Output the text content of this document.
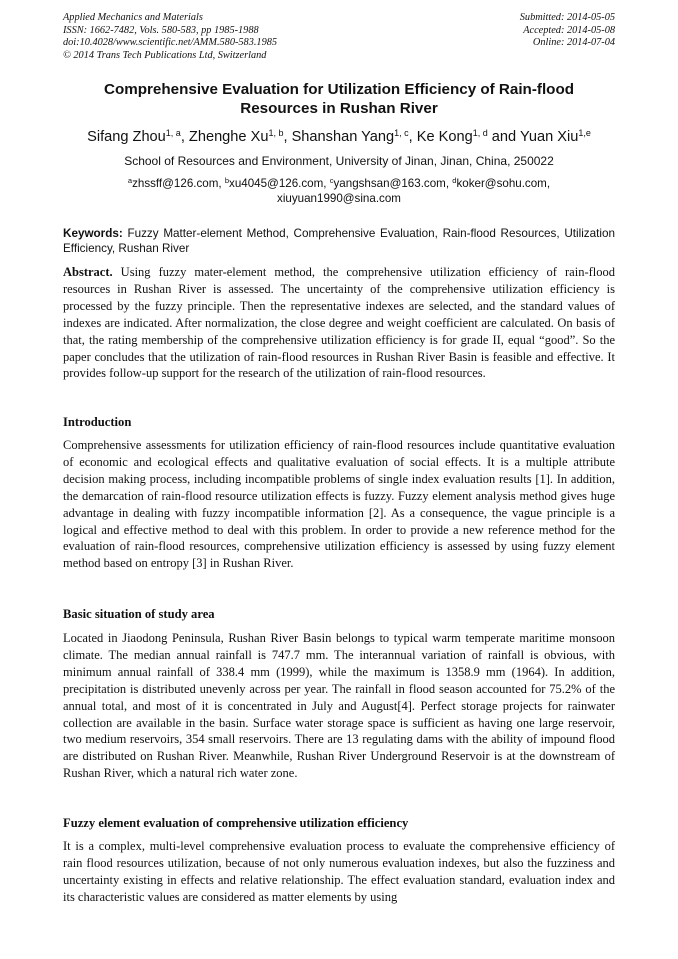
Applied Mechanics and Materials
ISSN: 1662-7482, Vols. 580-583, pp 1985-1988
doi:10.4028/www.scientific.net/AMM.580-583.1985
© 2014 Trans Tech Publications Ltd, Switzerland
Submitted: 2014-05-05
Accepted: 2014-05-08
Online: 2014-07-04
Comprehensive Evaluation for Utilization Efficiency of Rain-flood
Resources in Rushan River
Sifang Zhou$^{1, a}$, Zhenghe Xu$^{1, b}$, Shanshan Yang$^{1, c}$, Ke Kong$^{1, d}$ and Yuan Xiu$^{1,e}$
School of Resources and Environment, University of Jinan, Jinan, China, 250022
$^a$zhssff@126.com, $^b$xu4045@126.com, $^c$yangshsan@163.com, $^d$koker@sohu.com,
xiuyuan1990@sina.com
Keywords: Fuzzy Matter-element Method, Comprehensive Evaluation, Rain-flood Resources, Utilization Efficiency, Rushan River
Abstract. Using fuzzy mater-element method, the comprehensive utilization efficiency of rain-flood resources in Rushan River is assessed. The uncertainty of the comprehensive utilization efficiency is processed by the fuzzy principle. Then the representative indexes are selected, and the standard values of indexes are indicated. After normalization, the close degree and weight coefficient are calculated. On basis of that, the rating membership of the comprehensive utilization efficiency is for grade II, equal “good”. So the paper concludes that the utilization of rain-flood resources in Rushan River Basin is feasible and effective. It provides follow-up support for the research of the utilization of rain-flood resources.
Introduction
Comprehensive assessments for utilization efficiency of rain-flood resources include quantitative evaluation of economic and ecological effects and qualitative evaluation of social effects. It is a multiple attribute decision making process, including incompatible problems of single index evaluation results [1]. In addition, the demarcation of rain-flood resource utilization effects is fuzzy. Fuzzy element analysis method gives huge advantage in dealing with fuzzy incompatible information [2]. As a consequence, the vague principle is a logical and effective method to deal with this problem. In order to provide a new reference method for the evaluation of rain-flood resources, comprehensive utilization efficiency is assessed by using fuzzy element method based on entropy [3] in Rushan River.
Basic situation of study area
Located in Jiaodong Peninsula, Rushan River Basin belongs to typical warm temperate maritime monsoon climate. The median annual rainfall is 747.7 mm. The interannual variation of rainfall is obvious, with minimum annual rainfall of 338.4 mm (1999), while the maximum is 1358.9 mm (1964). In addition, precipitation is distributed unevenly across per year. The rainfall in flood season accounted for 75.2% of the annual total, and most of it is concentrated in July and August[4]. Perfect storage projects for rainwater collection are available in the basin. Surface water storage space is sufficient as having one large reservoir, two medium reservoirs, 354 small reservoirs. There are 13 regulating dams with the ability of impound flood are distributed on Rushan River. Meanwhile, Rushan River Underground Reservoir is at the downstream of Rushan River, which a natural rich water zone.
Fuzzy element evaluation of comprehensive utilization efficiency
It is a complex, multi-level comprehensive evaluation process to evaluate the comprehensive efficiency of rain flood resources utilization, because of not only numerous evaluation indexes, but also the fuzziness and uncertainty existing in effects and relative relationship. The effect evaluation standard, evaluation index and its characteristic values are considered as matter elements by using
